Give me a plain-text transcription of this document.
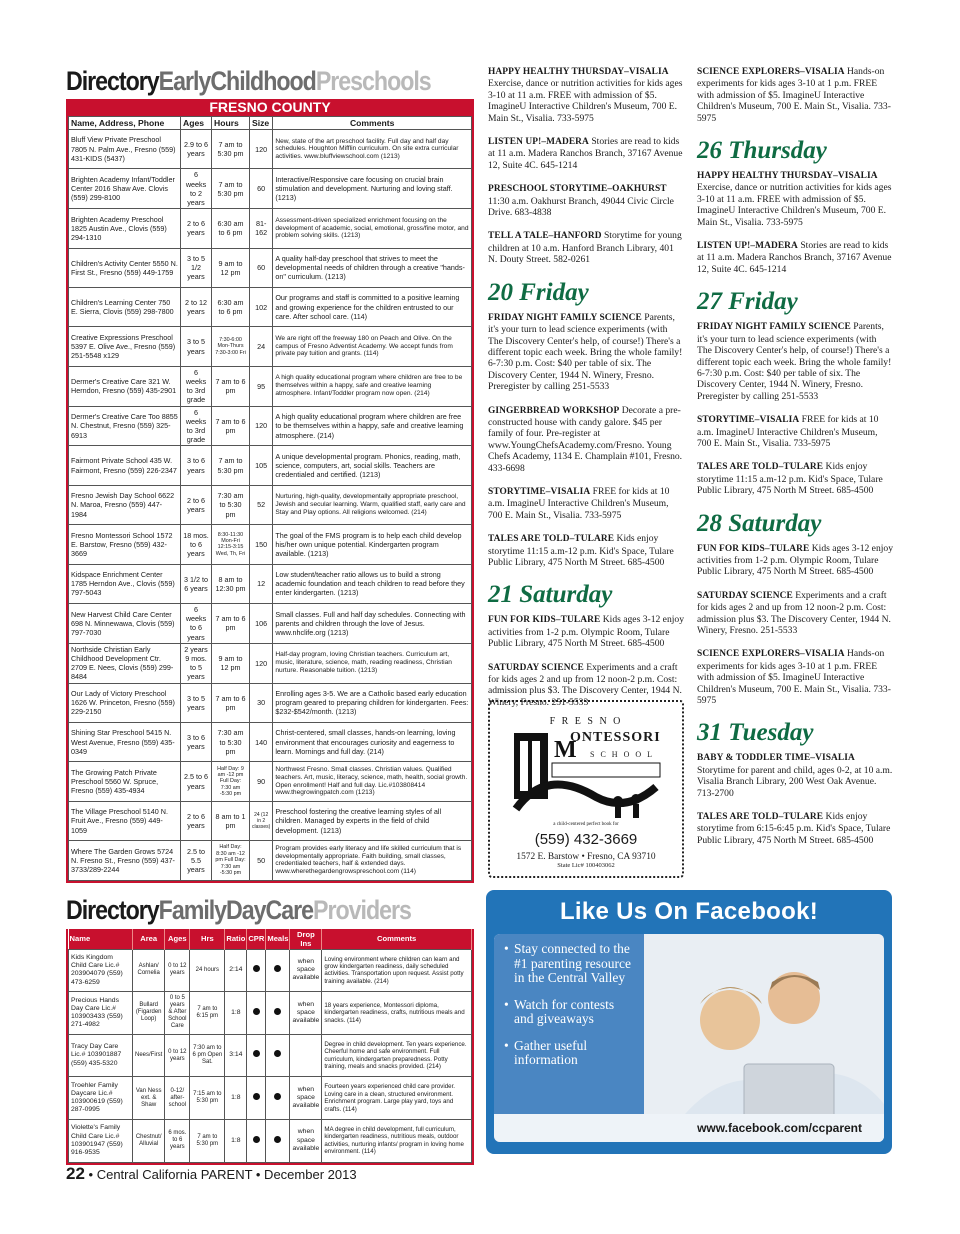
DirectoryEarlyChildhoodPreschools
FRESNO COUNTY
Name, Address, Phone	Ages	Hours	Size	Comments
Bluff View Private Preschool 7805 N. Palm Ave., Fresno (559) 431-KIDS (5437)	2.9 to 6 years	7 am to 5:30 pm	120	New, state of the art preschool facility. Full day and half day schedules. Houghton Mifflin curriculum. On site extra curricular activities. www.bluffviewschool.com (1213)
Brighten Academy Infant/Toddler Center 2016 Shaw Ave. Clovis (559) 299-8100	6 weeks to 2 years	7 am to 5:30 pm	60	Interactive/Responsive care focusing on crucial brain stimulation and development. Nurturing and loving staff. (1213)
Brighten Academy Preschool 1825 Austin Ave., Clovis (559) 294-1310	2 to 6 years	6:30 am to 6 pm	81-162	Assessment-driven specialized enrichment focusing on the development of academic, social, emotional, gross/fine motor, and problem solving skills. (1213)
Children's Activity Center 5550 N. First St., Fresno (559) 449-1759	3 to 5 1/2 years	9 am to 12 pm	60	A quality half-day preschool that strives to meet the developmental needs of children through a creative "hands-on" curriculum. (1213)
Children's Learning Center 750 E. Sierra, Clovis (559) 298-7800	2 to 12 years	6:30 am to 6 pm	102	Our programs and staff is committed to a positive learning and growing experience for the children entrusted to our care. After school care. (114)
Creative Expressions Preschool 5397 E. Olive Ave., Fresno (559) 251-5548 x129	3 to 5 years	7:30-6:00 Mon-Thurs 7:30-3:00 Fri	24	We are right off the freeway 180 on Peach and Olive. On the campus of Fresno Adventist Academy. We accept funds from private pay tuition and grants. (114)
Dermer's Creative Care 321 W. Herndon, Fresno (559) 435-2901	6 weeks to 3rd grade	7 am to 6 pm	95	A high quality educational program where children are free to be themselves within a happy, safe and creative learning atmosphere. Infant/Toddler program now open. (214)
Dermer's Creative Care Too 8855 N. Chestnut, Fresno (559) 325-6913	6 weeks to 3rd grade	7 am to 6 pm	120	A high quality educational program where children are free to be themselves within a happy, safe and creative learning atmosphere. (214)
Fairmont Private School 435 W. Fairmont, Fresno (559) 226-2347	3 to 6 years	7 am to 5:30 pm	105	A unique developmental program. Phonics, reading, math, science, computers, art, social skills. Teachers are credentialed and certified. (1213)
Fresno Jewish Day School 6622 N. Maroa, Fresno (559) 447-1984	2 to 6 years	7:30 am to 5:30 pm	52	Nurturing, high-quality, developmentally appropriate preschool, Jewish and secular learning. Warm, qualified staff, early care and Stay and Play options. All religions welcomed. (214)
Fresno Montessori School 1572 E. Barstow, Fresno (559) 432-3669	18 mos. to 6 years	8:30-11:30 Mon-Fri 12:15-3:15 Wed, Th, Fri	150	The goal of the FMS program is to help each child develop his/her own unique potential. Kindergarten program available. (1213)
Kidspace Enrichment Center 1785 Herndon Ave., Clovis (559) 797-5043	3 1/2 to 6 years	8 am to 12:30 pm	12	Low student/teacher ratio allows us to build a strong academic foundation and teach children to read before they enter kindergarten. (1213)
New Harvest Child Care Center 698 N. Minnewawa, Clovis (559) 797-7030	6 weeks to 6 years	7 am to 6 pm	106	Small classes. Full and half day schedules. Connecting with parents and children through the love of Jesus. www.nhclife.org (1213)
Northside Christian Early Childhood Development Ctr. 2709 E. Nees, Clovis (559) 299-8484	2 years 9 mos. to 5 years	9 am to 12 pm	120	Half-day program, loving Christian teachers. Curriculum art, music, literature, science, math, reading readiness, Christian nurture. Reasonable tuition. (1213)
Our Lady of Victory Preschool 1626 W. Princeton, Fresno (559) 229-2150	3 to 5 years	7 am to 6 pm	30	Enrolling ages 3-5. We are a Catholic based early education program geared to preparing children for kindergarten. Fees: $232-$542/month. (1213)
Shining Star Preschool 5415 N. West Avenue, Fresno (559) 435-0349	3 to 6 years	7:30 am to 5:30 pm	140	Christ-centered, small classes, hands-on learning, loving environment that encourages curiosity and eagerness to learn. Mornings and full day. (214)
The Growing Patch Private Preschool 5560 W. Spruce, Fresno (559) 435-4934	2.5 to 6 years	Half Day: 9 am -12 pm Full Day: 7:30 am -5:30 pm	90	Northwest Fresno. Small classes. Christian values. Qualified teachers. Art, music, literacy, science, math, health, social growth. Open enrollment! Half and full day. Lic.#103808414 www.thegrowingpatch.com (1213)
The Village Preschool 5140 N. Fruit Ave., Fresno (559) 449-1059	2 to 6 years	8 am to 1 pm	24 (12 in 2 classes)	Preschool fostering the creative learning styles of all children. Managed by experts in the field of child development. (1213)
Where The Garden Grows 5724 N. Fresno St., Fresno (559) 437-3733/289-2244	2.5 to 5.5 years	Half Day: 8:30 am -12 pm Full Day: 7:30 am -5:30 pm	50	Program provides early literacy and life skilled curriculum that is developmentally appropriate. Faith building, small classes, credentialed teachers, half & extended days. www.wherethegardengrowspreschool.com (114)
DirectoryFamilyDayCareProviders
Name	Area	Ages	Hrs	Ratio	CPR	Meals	Drop Ins	Comments
Kids Kingdom Child Care Lic.# 203904079 (559) 473-6259	Ashlan/ Cornelia	0 to 12 years	24 hours	2:14			when space available	Loving environment where children can learn and grow kindergarten readiness, daily scheduled activities. Transportation upon request. Assist potty training available. (214)
Precious Hands Day Care Lic.# 103903433 (559) 271-4982	Bullard (Figarden Loop)	0 to 5 years & After School Care	7 am to 6:15 pm	1:8			when space available	18 years experience, Montessori diploma, kindergarten readiness, crafts, nutritious meals and snacks. (114)
Tracy Day Care Lic.# 103901887 (559) 435-5320	Nees/First	0 to 12 years	7:30 am to 6 pm Open Sat.	3:14				Degree in child development. Ten years experience. Cheerful home and safe environment. Full curriculum, kindergarten preparedness. Potty training, meals and snacks provided. (214)
Troehler Family Daycare Lic.# 103900619 (559) 287-0995	Van Ness ext. & Shaw	0-12/ after-school	7:15 am to 5:30 pm	1:8			when space available	Fourteen years experienced child care provider. Loving care in a clean, structured environment. Enrichment program. Large play yard, toys and crafts. (114)
Violette's Family Child Care Lic.# 103901947 (559) 916-9535	Chestnut/ Alluvial	6 mos. to 6 years	7 am to 5:30 pm	1:8			when space available	MA degree in child development, full curriculum, kindergarten readiness, nutritious meals, outdoor activities, nurturing infants/ program in loving home environment. (114)
22 • Central California PARENT • December 2013
HAPPY HEALTHY THURSDAY–VISALIA Exercise, dance or nutrition activities for kids ages 3-10 at 11 a.m. FREE with admission of $5. ImagineU Interactive Children's Museum, 700 E. Main St., Visalia. 733-5975
LISTEN UP!–MADERA Stories are read to kids at 11 a.m. Madera Ranchos Branch, 37167 Avenue 12, Suite 4C. 645-1214
PRESCHOOL STORYTIME–OAKHURST 11:30 a.m. Oakhurst Branch, 49044 Civic Circle Drive. 683-4838
TELL A TALE–HANFORD Storytime for young children at 10 a.m. Hanford Branch Library, 401 N. Douty Street. 582-0261
20 Friday
FRIDAY NIGHT FAMILY SCIENCE Parents, it's your turn to lead science experiments (with The Discovery Center's help, of course!) There's a different topic each week. Bring the whole family! 6-7:30 p.m. Cost: $40 per table of six. The Discovery Center, 1944 N. Winery, Fresno. Preregister by calling 251-5533
GINGERBREAD WORKSHOP Decorate a pre-constructed house with candy galore. $45 per family of four. Pre-register at www.YoungChefsAcademy.com/Fresno. Young Chefs Academy, 1134 E. Champlain #101, Fresno. 433-6698
STORYTIME–VISALIA FREE for kids at 10 a.m. ImagineU Interactive Children's Museum, 700 E. Main St., Visalia. 733-5975
TALES ARE TOLD–TULARE Kids enjoy storytime 11:15 a.m-12 p.m. Kid's Space, Tulare Public Library, 475 North M Street. 685-4500
21 Saturday
FUN FOR KIDS–TULARE Kids ages 3-12 enjoy activities from 1-2 p.m. Olympic Room, Tulare Public Library, 475 North M Street. 685-4500
SATURDAY SCIENCE Experiments and a craft for kids ages 2 and up from 12 noon-2 p.m. Cost: admission plus $3. The Discovery Center, 1944 N. Winery, Fresno. 251-5533
SCIENCE EXPLORERS–VISALIA Hands-on experiments for kids ages 3-10 at 1 p.m. FREE with admission of $5. ImagineU Interactive Children's Museum, 700 E. Main St., Visalia. 733-5975
26 Thursday
HAPPY HEALTHY THURSDAY–VISALIA Exercise, dance or nutrition activities for kids ages 3-10 at 11 a.m. FREE with admission of $5. ImagineU Interactive Children's Museum, 700 E. Main St., Visalia. 733-5975
LISTEN UP!–MADERA Stories are read to kids at 11 a.m. Madera Ranchos Branch, 37167 Avenue 12, Suite 4C. 645-1214
27 Friday
FRIDAY NIGHT FAMILY SCIENCE Parents, it's your turn to lead science experiments (with The Discovery Center's help, of course!) There's a different topic each week. Bring the whole family! 6-7:30 p.m. Cost: $40 per table of six. The Discovery Center, 1944 N. Winery, Fresno. Preregister by calling 251-5533
STORYTIME–VISALIA FREE for kids at 10 a.m. ImagineU Interactive Children's Museum, 700 E. Main St., Visalia. 733-5975
TALES ARE TOLD–TULARE Kids enjoy storytime 11:15 a.m-12 p.m. Kid's Space, Tulare Public Library, 475 North M Street. 685-4500
28 Saturday
FUN FOR KIDS–TULARE Kids ages 3-12 enjoy activities from 1-2 p.m. Olympic Room, Tulare Public Library, 475 North M Street. 685-4500
SATURDAY SCIENCE Experiments and a craft for kids ages 2 and up from 12 noon-2 p.m. Cost: admission plus $3. The Discovery Center, 1944 N. Winery, Fresno. 251-5533
SCIENCE EXPLORERS–VISALIA Hands-on experiments for kids ages 3-10 at 1 p.m. FREE with admission of $5. ImagineU Interactive Children's Museum, 700 E. Main St., Visalia. 733-5975
31 Tuesday
BABY & TODDLER TIME–VISALIA Storytime for parent and child, ages 0-2, at 10 a.m. Visalia Branch Library, 200 West Oak Avenue. 713-2700
TALES ARE TOLD–TULARE Kids enjoy storytime from 6:15-6:45 p.m. Kid's Space, Tulare Public Library, 475 North M Street. 685-4500
F R E S N O
M
ONTESSORI
S C H O O L
a child-centered perfect book for
(559) 432-3669
1572 E. Barstow • Fresno, CA 93710
State Lic# 100403062
Like Us On Facebook!
• Stay connected to the #1 parenting resource in the Central Valley
• Watch for contests and giveaways
• Gather useful information
www.facebook.com/ccparent
